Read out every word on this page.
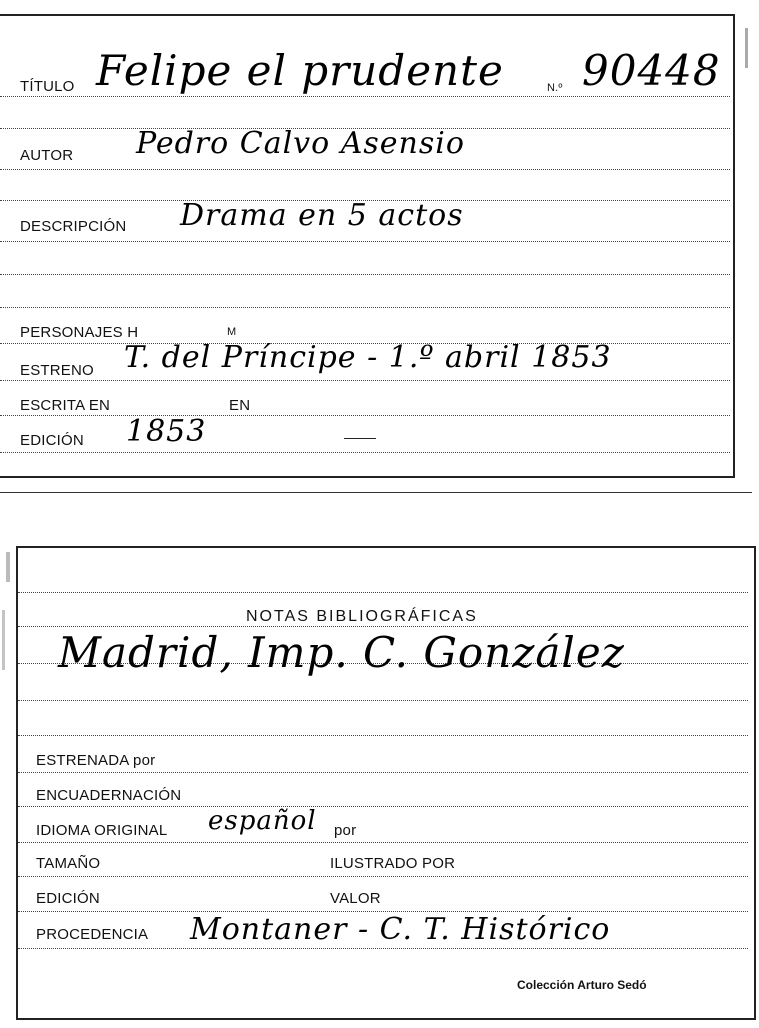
TÍTULO Felipe el prudente	N.º 90448
AUTOR Pedro Calvo Asensio
DESCRIPCIÓN Drama en 5 actos
PERSONAJES H	M
ESTRENO T. del Príncipe - 1.º abril 1853
ESCRITA EN	EN
EDICIÓN 1853
NOTAS BIBLIOGRÁFICAS
Madrid, Imp. C. González
ESTRENADA por
ENCUADERNACIÓN
IDIOMA ORIGINAL español por
TAMAÑO	ILUSTRADO POR
EDICIÓN	VALOR
PROCEDENCIA Montaner - C. T. Histórico
Colección Arturo Sedó
